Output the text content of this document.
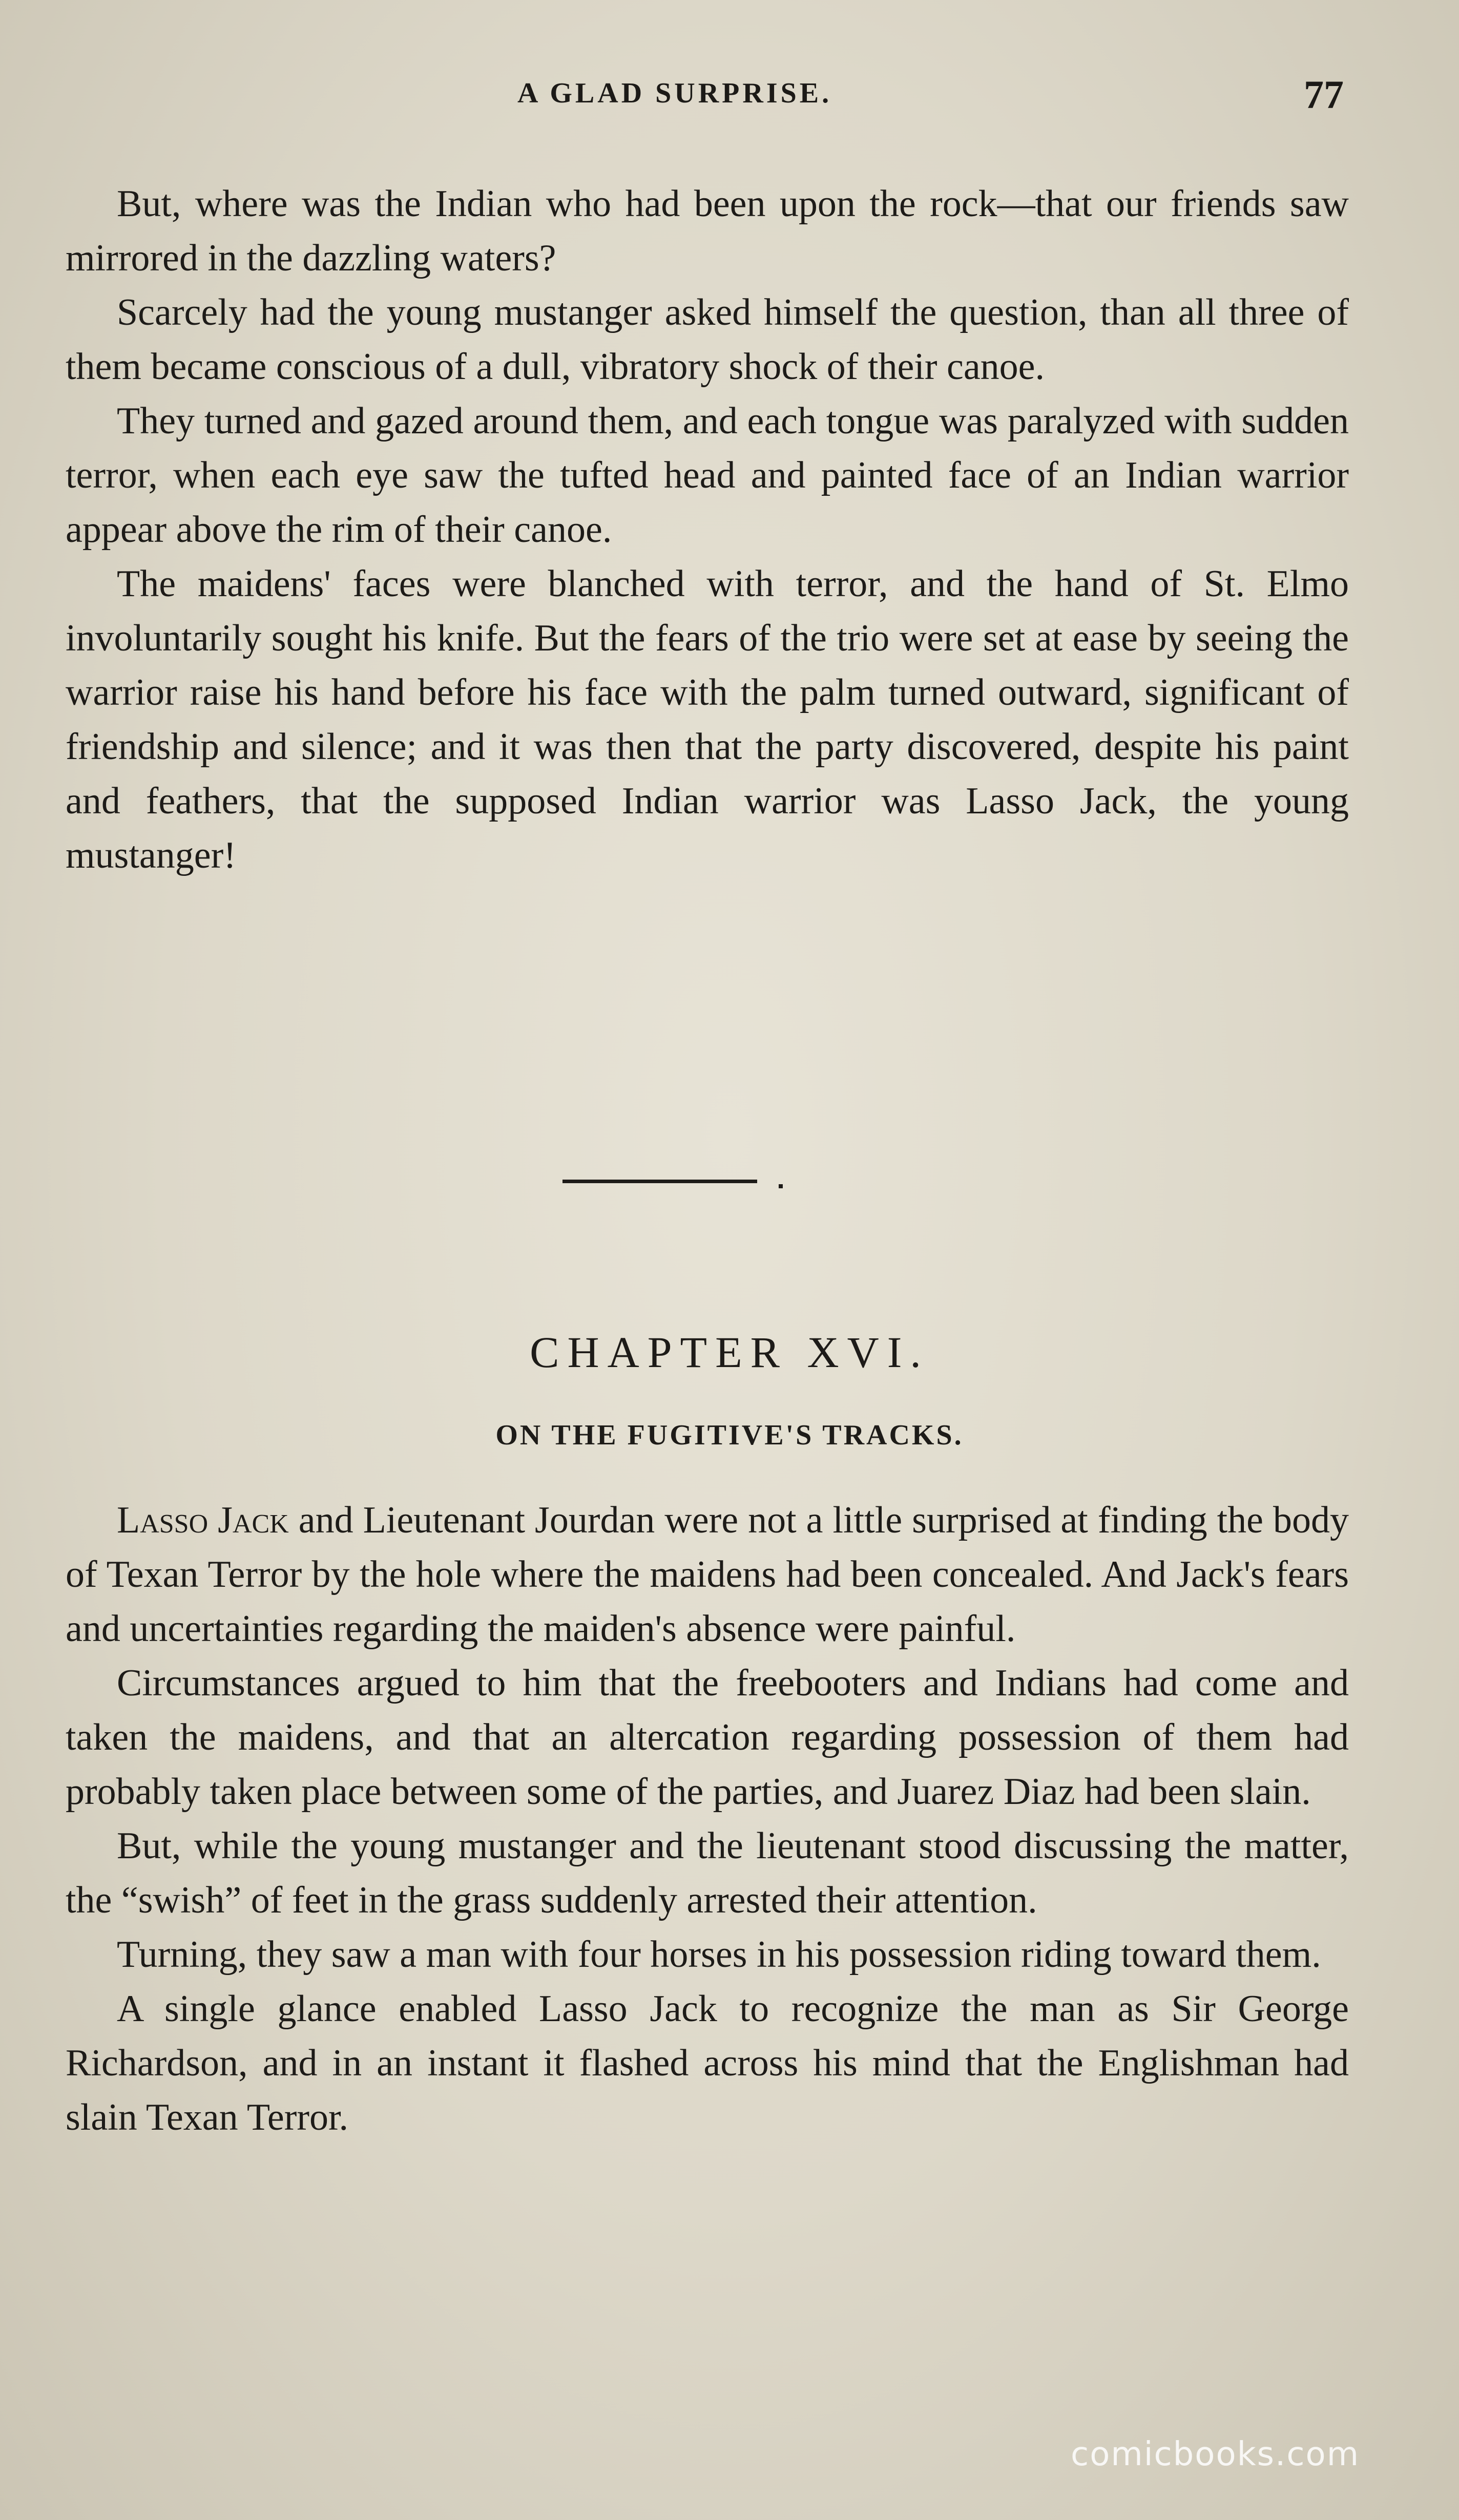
A GLAD SURPRISE.	77

But, where was the Indian who had been upon the rock—that our friends saw mirrored in the dazzling waters?

Scarcely had the young mustanger asked himself the question, than all three of them became conscious of a dull, vibratory shock of their canoe.

They turned and gazed around them, and each tongue was paralyzed with sudden terror, when each eye saw the tufted head and painted face of an Indian warrior appear above the rim of their canoe.

The maidens' faces were blanched with terror, and the hand of St. Elmo involuntarily sought his knife. But the fears of the trio were set at ease by seeing the warrior raise his hand before his face with the palm turned outward, significant of friendship and silence; and it was then that the party discovered, despite his paint and feathers, that the supposed Indian warrior was Lasso Jack, the young mustanger!

CHAPTER XVI.
ON THE FUGITIVE'S TRACKS.

Lasso Jack and Lieutenant Jourdan were not a little surprised at finding the body of Texan Terror by the hole where the maidens had been concealed. And Jack's fears and uncertainties regarding the maiden's absence were painful.

Circumstances argued to him that the freebooters and Indians had come and taken the maidens, and that an altercation regarding possession of them had probably taken place between some of the parties, and Juarez Diaz had been slain.

But, while the young mustanger and the lieutenant stood discussing the matter, the “swish” of feet in the grass suddenly arrested their attention.

Turning, they saw a man with four horses in his possession riding toward them.

A single glance enabled Lasso Jack to recognize the man as Sir George Richardson, and in an instant it flashed across his mind that the Englishman had slain Texan Terror.

comicbooks.com
